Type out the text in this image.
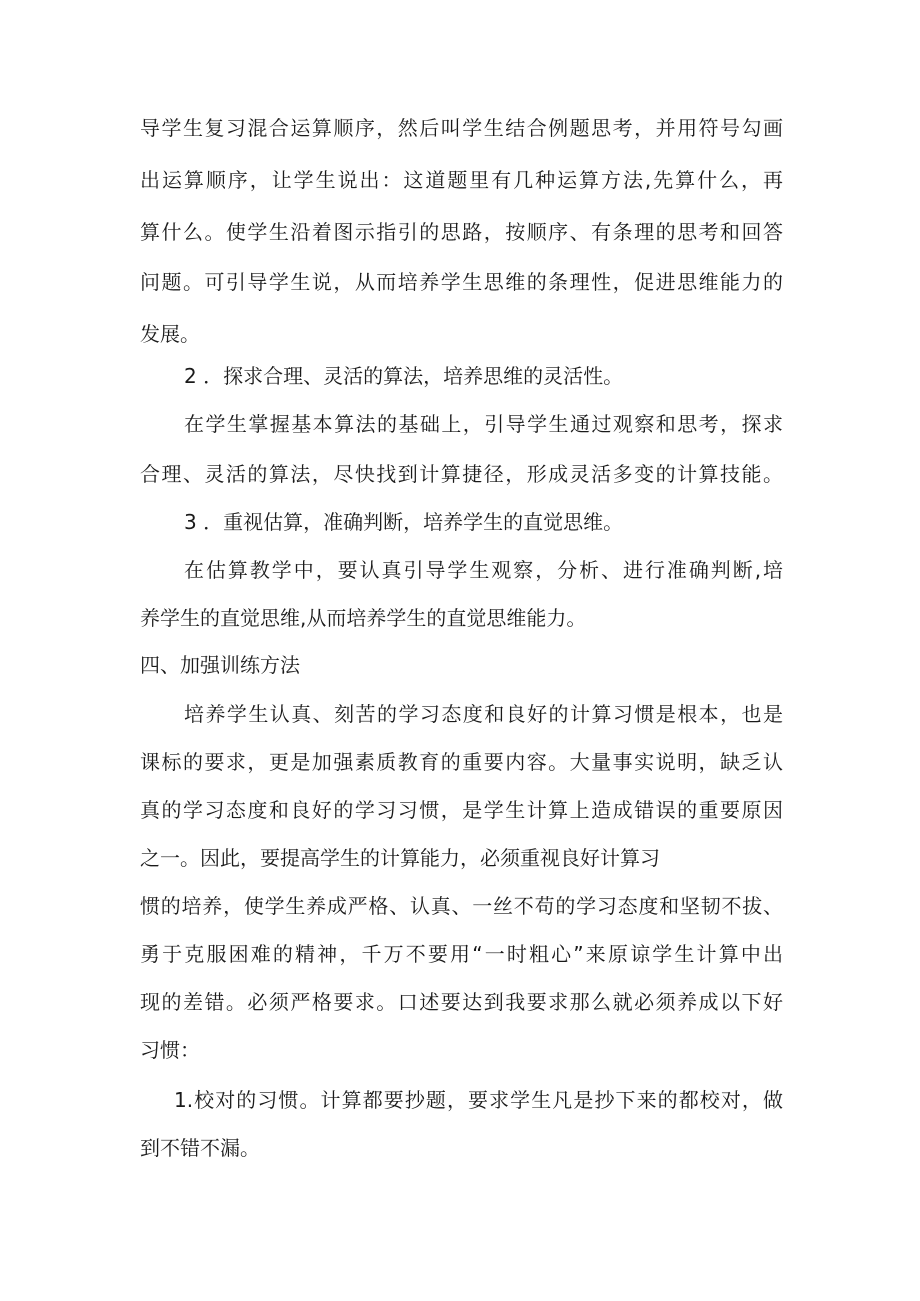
导学生复习混合运算顺序，然后叫学生结合例题思考，并用符号勾画
出运算顺序，让学生说出：这道题里有几种运算方法,先算什么，再
算什么。使学生沿着图示指引的思路，按顺序、有条理的思考和回答
问题。可引导学生说，从而培养学生思维的条理性，促进思维能力的
发展。
2 ．探求合理、灵活的算法，培养思维的灵活性。
在学生掌握基本算法的基础上，引导学生通过观察和思考，探求
合理、灵活的算法，尽快找到计算捷径，形成灵活多变的计算技能。
3 ．重视估算，准确判断，培养学生的直觉思维。
在估算教学中，要认真引导学生观察，分析、进行准确判断,培
养学生的直觉思维,从而培养学生的直觉思维能力。
四、加强训练方法
培养学生认真、刻苦的学习态度和良好的计算习惯是根本，也是
课标的要求，更是加强素质教育的重要内容。大量事实说明，缺乏认
真的学习态度和良好的学习习惯，是学生计算上造成错误的重要原因
之一。因此，要提高学生的计算能力，必须重视良好计算习
惯的培养，使学生养成严格、认真、一丝不苟的学习态度和坚韧不拔、
勇于克服困难的精神，千万不要用“一时粗心”来原谅学生计算中出
现的差错。必须严格要求。口述要达到我要求那么就必须养成以下好
习惯：
1.校对的习惯。计算都要抄题，要求学生凡是抄下来的都校对，做
到不错不漏。
